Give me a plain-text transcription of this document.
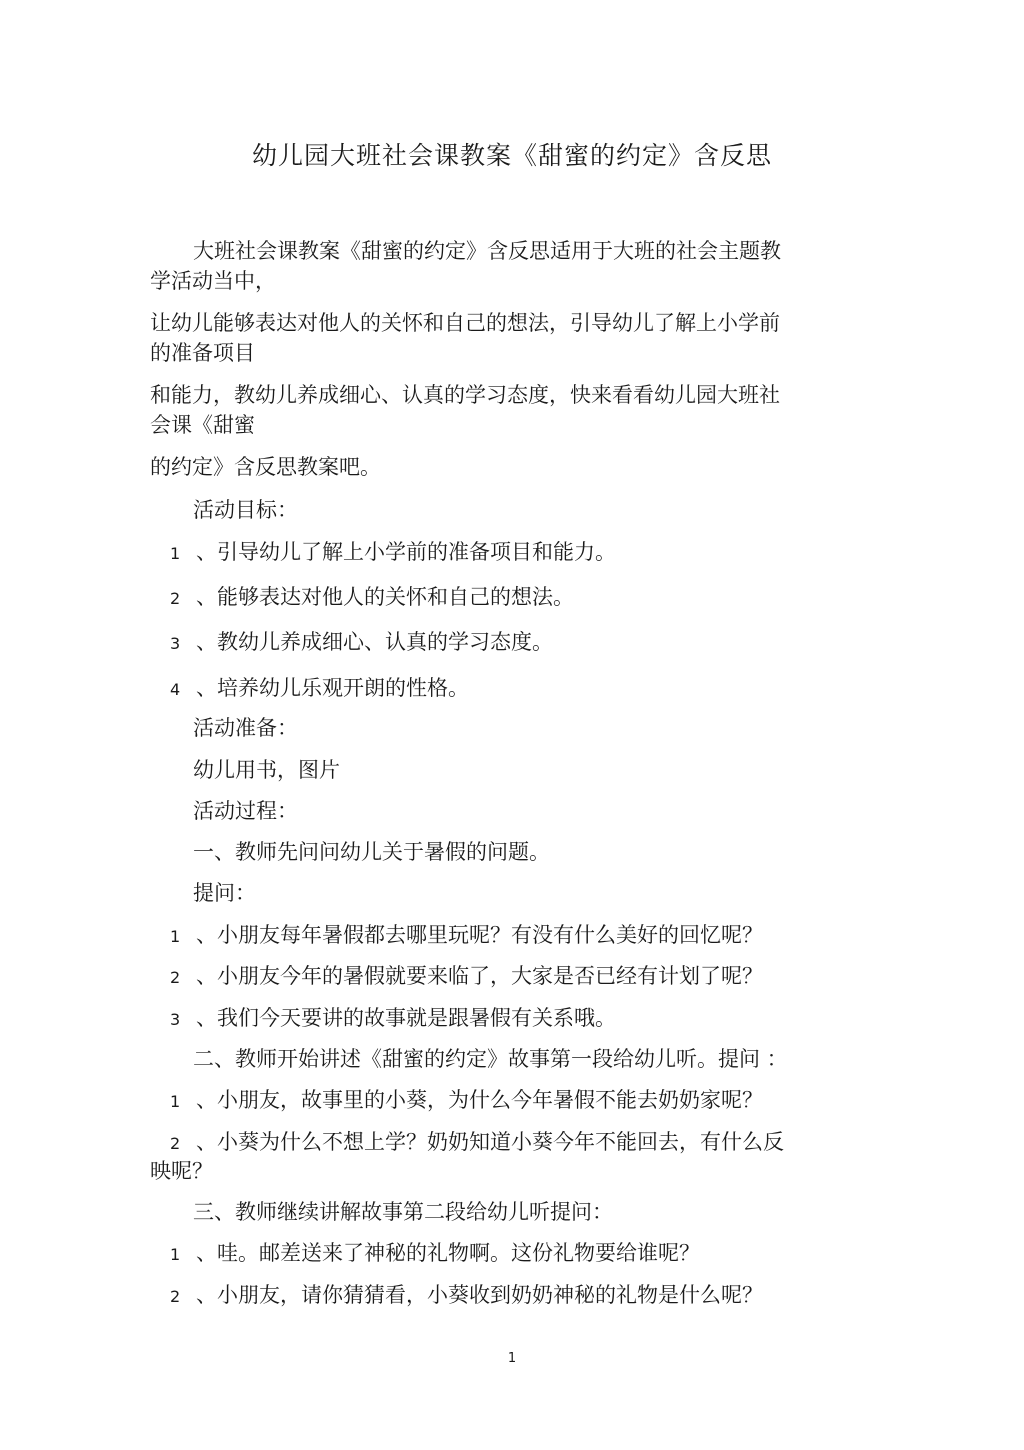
幼儿园大班社会课教案《甜蜜的约定》含反思
大班社会课教案《甜蜜的约定》含反思适用于大班的社会主题教
学活动当中，
让幼儿能够表达对他人的关怀和自己的想法，引导幼儿了解上小学前
的准备项目
和能力，教幼儿养成细心、认真的学习态度，快来看看幼儿园大班社
会课《甜蜜
的约定》含反思教案吧。
活动目标：
1 、引导幼儿了解上小学前的准备项目和能力。
2 、能够表达对他人的关怀和自己的想法。
3 、教幼儿养成细心、认真的学习态度。
4 、培养幼儿乐观开朗的性格。
活动准备：
幼儿用书，图片
活动过程：
一、教师先问问幼儿关于暑假的问题。
提问：
1 、小朋友每年暑假都去哪里玩呢？有没有什么美好的回忆呢？
2 、小朋友今年的暑假就要来临了，大家是否已经有计划了呢？
3 、我们今天要讲的故事就是跟暑假有关系哦。
二、教师开始讲述《甜蜜的约定》故事第一段给幼儿听。提问 ：
1 、小朋友，故事里的小葵，为什么今年暑假不能去奶奶家呢？
2 、小葵为什么不想上学？奶奶知道小葵今年不能回去，有什么反
映呢？
三、教师继续讲解故事第二段给幼儿听提问：
1 、哇。邮差送来了神秘的礼物啊。这份礼物要给谁呢？
2 、小朋友，请你猜猜看，小葵收到奶奶神秘的礼物是什么呢？
1
